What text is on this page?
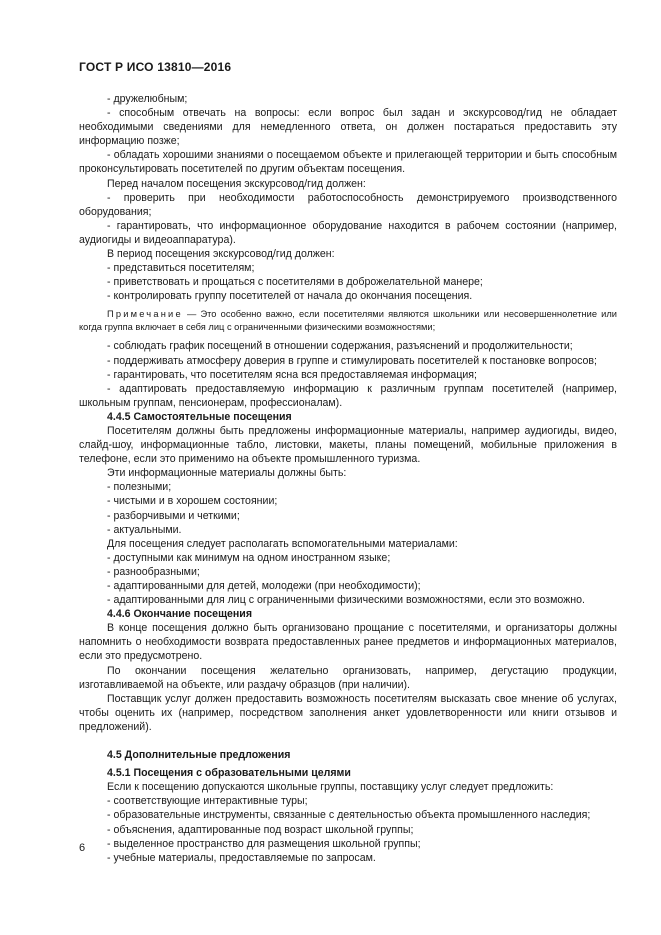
ГОСТ Р ИСО 13810—2016

- дружелюбным;

- способным отвечать на вопросы: если вопрос был задан и экскурсовод/гид не обладает необходимыми сведениями для немедленного ответа, он должен постараться предоставить эту информацию позже;

- обладать хорошими знаниями о посещаемом объекте и прилегающей территории и быть способным проконсультировать посетителей по другим объектам посещения.

Перед началом посещения экскурсовод/гид должен:

- проверить при необходимости работоспособность демонстрируемого производственного оборудования;

- гарантировать, что информационное оборудование находится в рабочем состоянии (например, аудиогиды и видеоаппаратура).

В период посещения экскурсовод/гид должен:

- представиться посетителям;

- приветствовать и прощаться с посетителями в доброжелательной манере;

- контролировать группу посетителей от начала до окончания посещения.

Примечание — Это особенно важно, если посетителями являются школьники или несовершеннолетние или когда группа включает в себя лиц с ограниченными физическими возможностями;

- соблюдать график посещений в отношении содержания, разъяснений и продолжительности;

- поддерживать атмосферу доверия в группе и стимулировать посетителей к постановке вопросов;

- гарантировать, что посетителям ясна вся предоставляемая информация;

- адаптировать предоставляемую информацию к различным группам посетителей (например, школьным группам, пенсионерам, профессионалам).

4.4.5 Самостоятельные посещения

Посетителям должны быть предложены информационные материалы, например аудиогиды, видео, слайд-шоу, информационные табло, листовки, макеты, планы помещений, мобильные приложения в телефоне, если это применимо на объекте промышленного туризма.

Эти информационные материалы должны быть:

- полезными;

- чистыми и в хорошем состоянии;

- разборчивыми и четкими;

- актуальными.

Для посещения следует располагать вспомогательными материалами:

- доступными как минимум на одном иностранном языке;

- разнообразными;

- адаптированными для детей, молодежи (при необходимости);

- адаптированными для лиц с ограниченными физическими возможностями, если это возможно.

4.4.6 Окончание посещения

В конце посещения должно быть организовано прощание с посетителями, и организаторы должны напомнить о необходимости возврата предоставленных ранее предметов и информационных материалов, если это предусмотрено.

По окончании посещения желательно организовать, например, дегустацию продукции, изготавливаемой на объекте, или раздачу образцов (при наличии).

Поставщик услуг должен предоставить возможность посетителям высказать свое мнение об услугах, чтобы оценить их (например, посредством заполнения анкет удовлетворенности или книги отзывов и предложений).

4.5 Дополнительные предложения

4.5.1 Посещения с образовательными целями

Если к посещению допускаются школьные группы, поставщику услуг следует предложить:

- соответствующие интерактивные туры;

- образовательные инструменты, связанные с деятельностью объекта промышленного наследия;

- объяснения, адаптированные под возраст школьной группы;

- выделенное пространство для размещения школьной группы;

- учебные материалы, предоставляемые по запросам.

6
